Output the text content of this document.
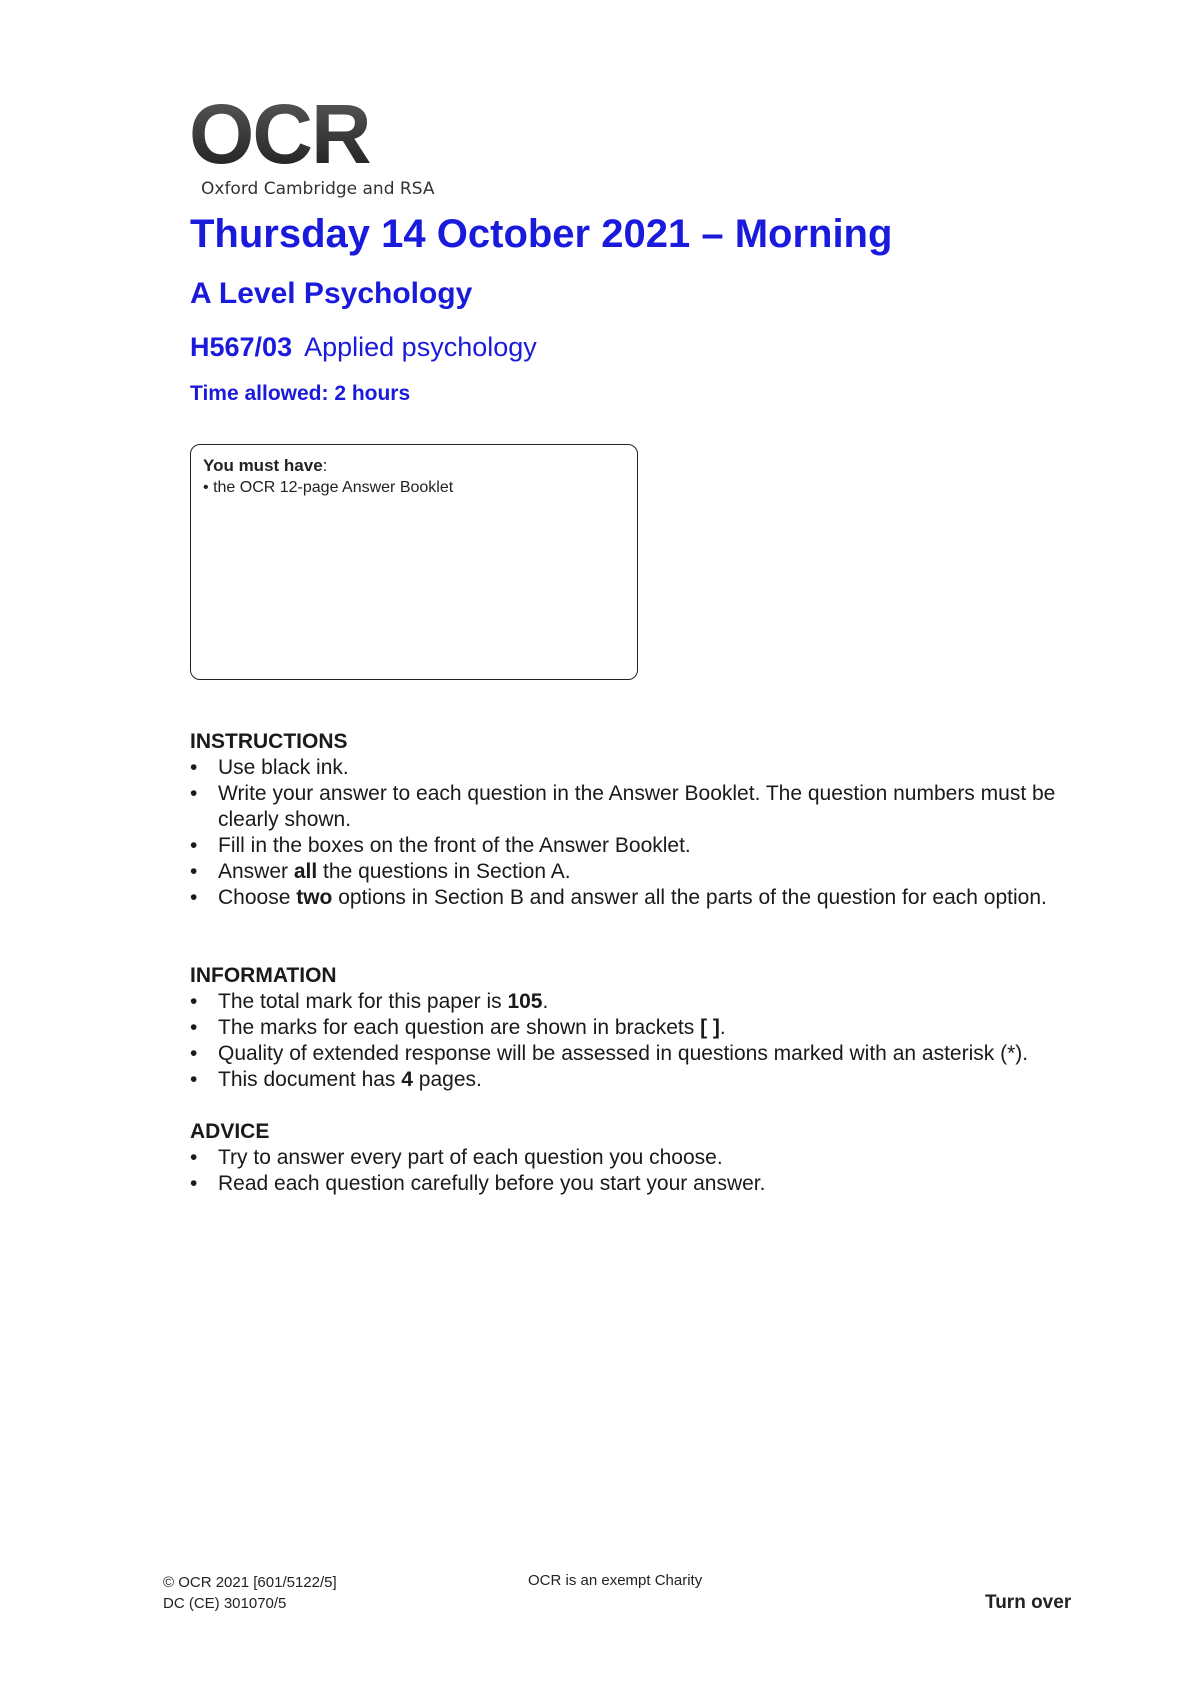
OCR
Oxford Cambridge and RSA
Thursday 14 October 2021 – Morning
A Level Psychology
H567/03 Applied psychology
Time allowed: 2 hours
You must have:
• the OCR 12-page Answer Booklet
INSTRUCTIONS
• Use black ink.
• Write your answer to each question in the Answer Booklet. The question numbers must be clearly shown.
• Fill in the boxes on the front of the Answer Booklet.
• Answer all the questions in Section A.
• Choose two options in Section B and answer all the parts of the question for each option.
INFORMATION
• The total mark for this paper is 105.
• The marks for each question are shown in brackets [ ].
• Quality of extended response will be assessed in questions marked with an asterisk (*).
• This document has 4 pages.
ADVICE
• Try to answer every part of each question you choose.
• Read each question carefully before you start your answer.
© OCR 2021 [601/5122/5]
DC (CE) 301070/5
OCR is an exempt Charity
Turn over
